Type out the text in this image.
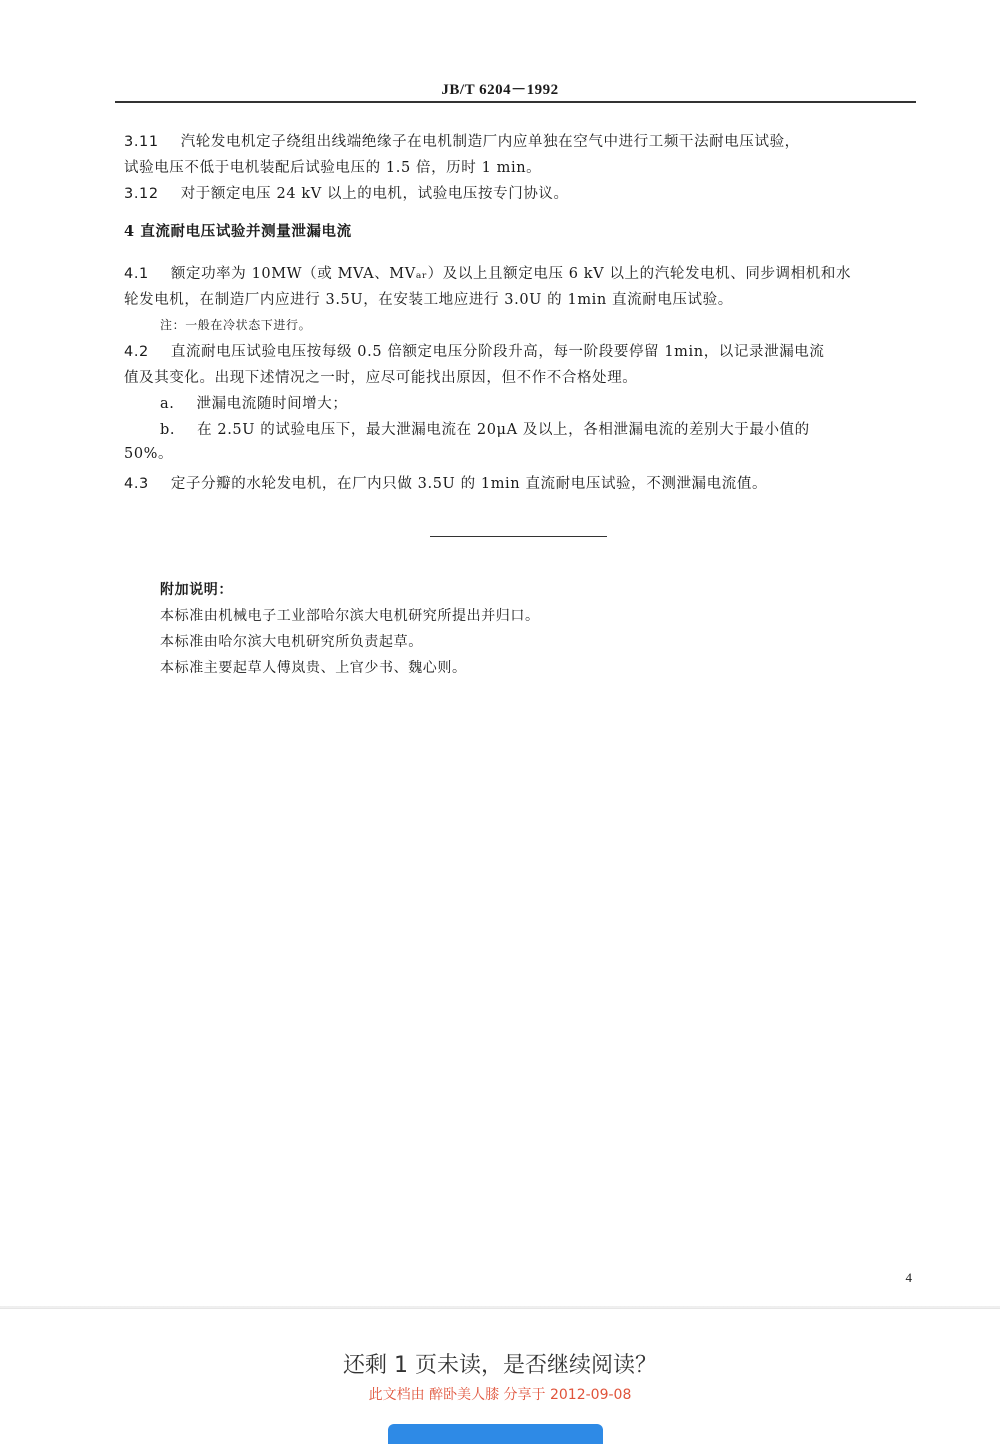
JB/T 6204－1992
3.11 汽轮发电机定子绕组出线端绝缘子在电机制造厂内应单独在空气中进行工频干法耐电压试验，
试验电压不低于电机装配后试验电压的 1.5 倍，历时 1 min。
3.12 对于额定电压 24 kV 以上的电机，试验电压按专门协议。
4 直流耐电压试验并测量泄漏电流
4.1 额定功率为 10MW（或 MVA、MVₐᵣ）及以上且额定电压 6 kV 以上的汽轮发电机、同步调相机和水
轮发电机，在制造厂内应进行 3.5U，在安装工地应进行 3.0U 的 1min 直流耐电压试验。
注：一般在冷状态下进行。
4.2 直流耐电压试验电压按每级 0.5 倍额定电压分阶段升高，每一阶段要停留 1min，以记录泄漏电流
值及其变化。出现下述情况之一时，应尽可能找出原因，但不作不合格处理。
a. 泄漏电流随时间增大；
b. 在 2.5U 的试验电压下，最大泄漏电流在 20μA 及以上，各相泄漏电流的差别大于最小值的
50%。
4.3 定子分瓣的水轮发电机，在厂内只做 3.5U 的 1min 直流耐电压试验，不测泄漏电流值。
附加说明：
本标准由机械电子工业部哈尔滨大电机研究所提出并归口。
本标准由哈尔滨大电机研究所负责起草。
本标准主要起草人傅岚贵、上官少书、魏心则。
4
还剩 1 页未读，是否继续阅读？
此文档由 醉卧美人膝 分享于 2012-09-08
